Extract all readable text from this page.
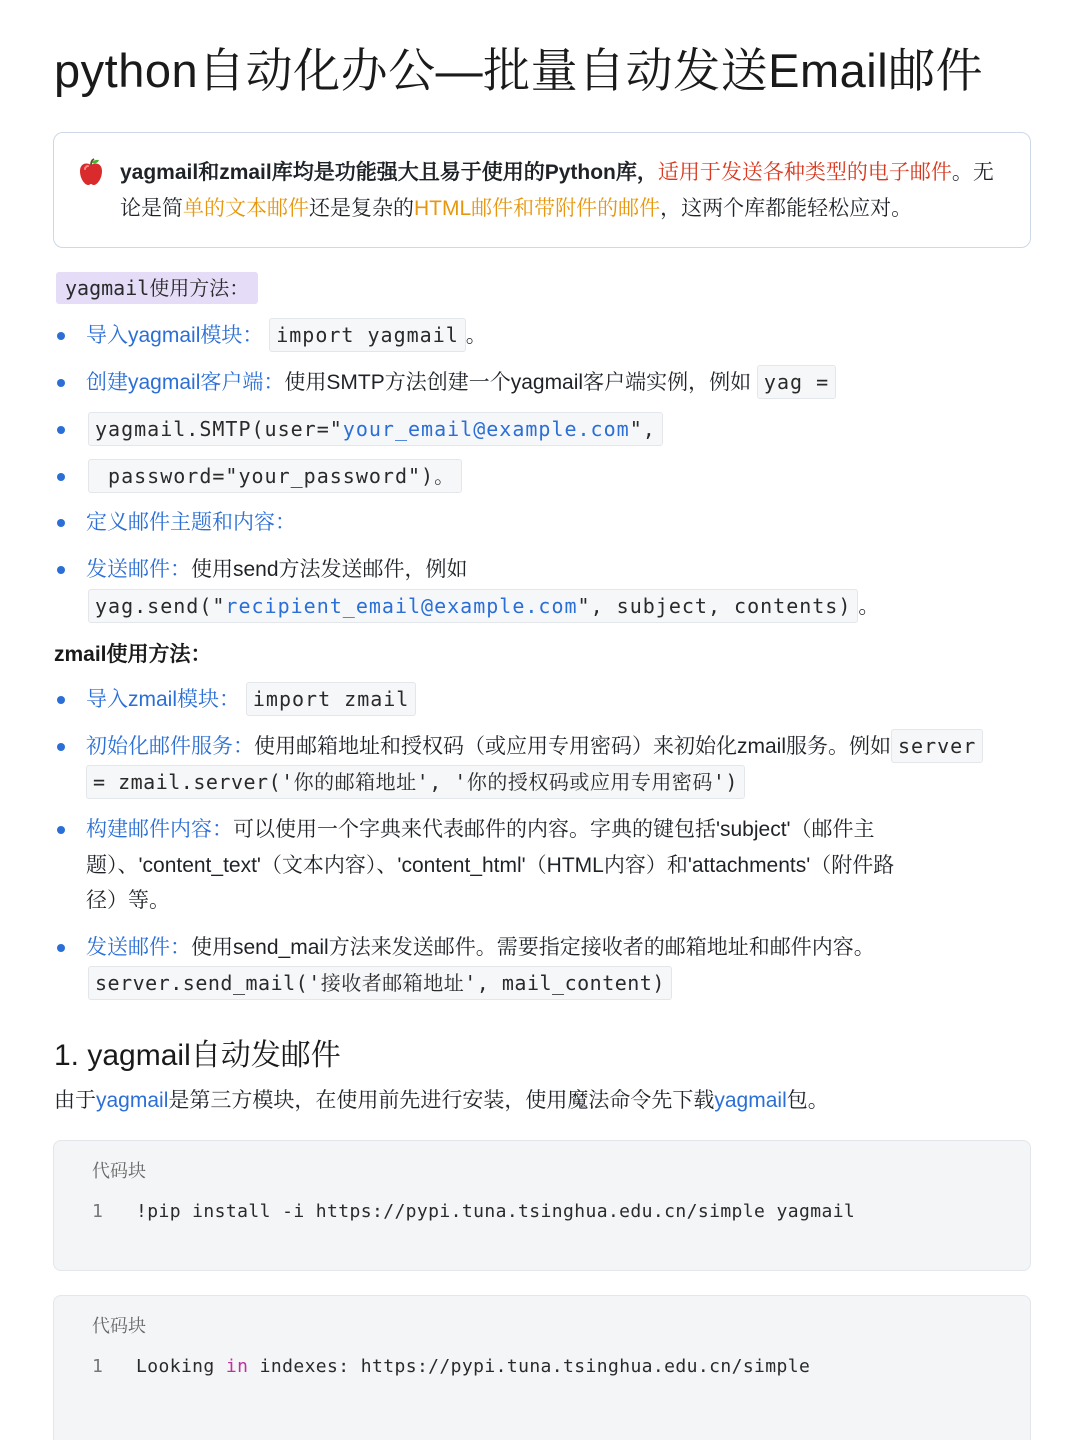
python自动化办公—批量自动发送Email邮件
yagmail和zmail库均是功能强大且易于使用的Python库，适用于发送各种类型的电子邮件。无论是简单的文本邮件还是复杂的HTML邮件和带附件的邮件，这两个库都能轻松应对。
yagmail使用方法：
导入yagmail模块： import yagmail 。
创建yagmail客户端：使用SMTP方法创建一个yagmail客户端实例，例如 yag =
yagmail.SMTP(user="your_email@example.com",
password="your_password")。
定义邮件主题和内容：
发送邮件：使用send方法发送邮件，例如
yag.send("recipient_email@example.com", subject, contents) 。
zmail使用方法：
导入zmail模块： import zmail
初始化邮件服务：使用邮箱地址和授权码（或应用专用密码）来初始化zmail服务。例如 server
= zmail.server('你的邮箱地址', '你的授权码或应用专用密码')
构建邮件内容：可以使用一个字典来代表邮件的内容。字典的键包括'subject'（邮件主
题）、'content_text'（文本内容）、'content_html'（HTML内容）和'attachments'（附件路
径）等。
发送邮件：使用send_mail方法来发送邮件。需要指定接收者的邮箱地址和邮件内容。
server.send_mail('接收者邮箱地址', mail_content)
1. yagmail自动发邮件
由于yagmail是第三方模块，在使用前先进行安装，使用魔法命令先下载yagmail包。
代码块
1 !pip install -i https://pypi.tuna.tsinghua.edu.cn/simple yagmail
代码块
1 Looking in indexes: https://pypi.tuna.tsinghua.edu.cn/simple
